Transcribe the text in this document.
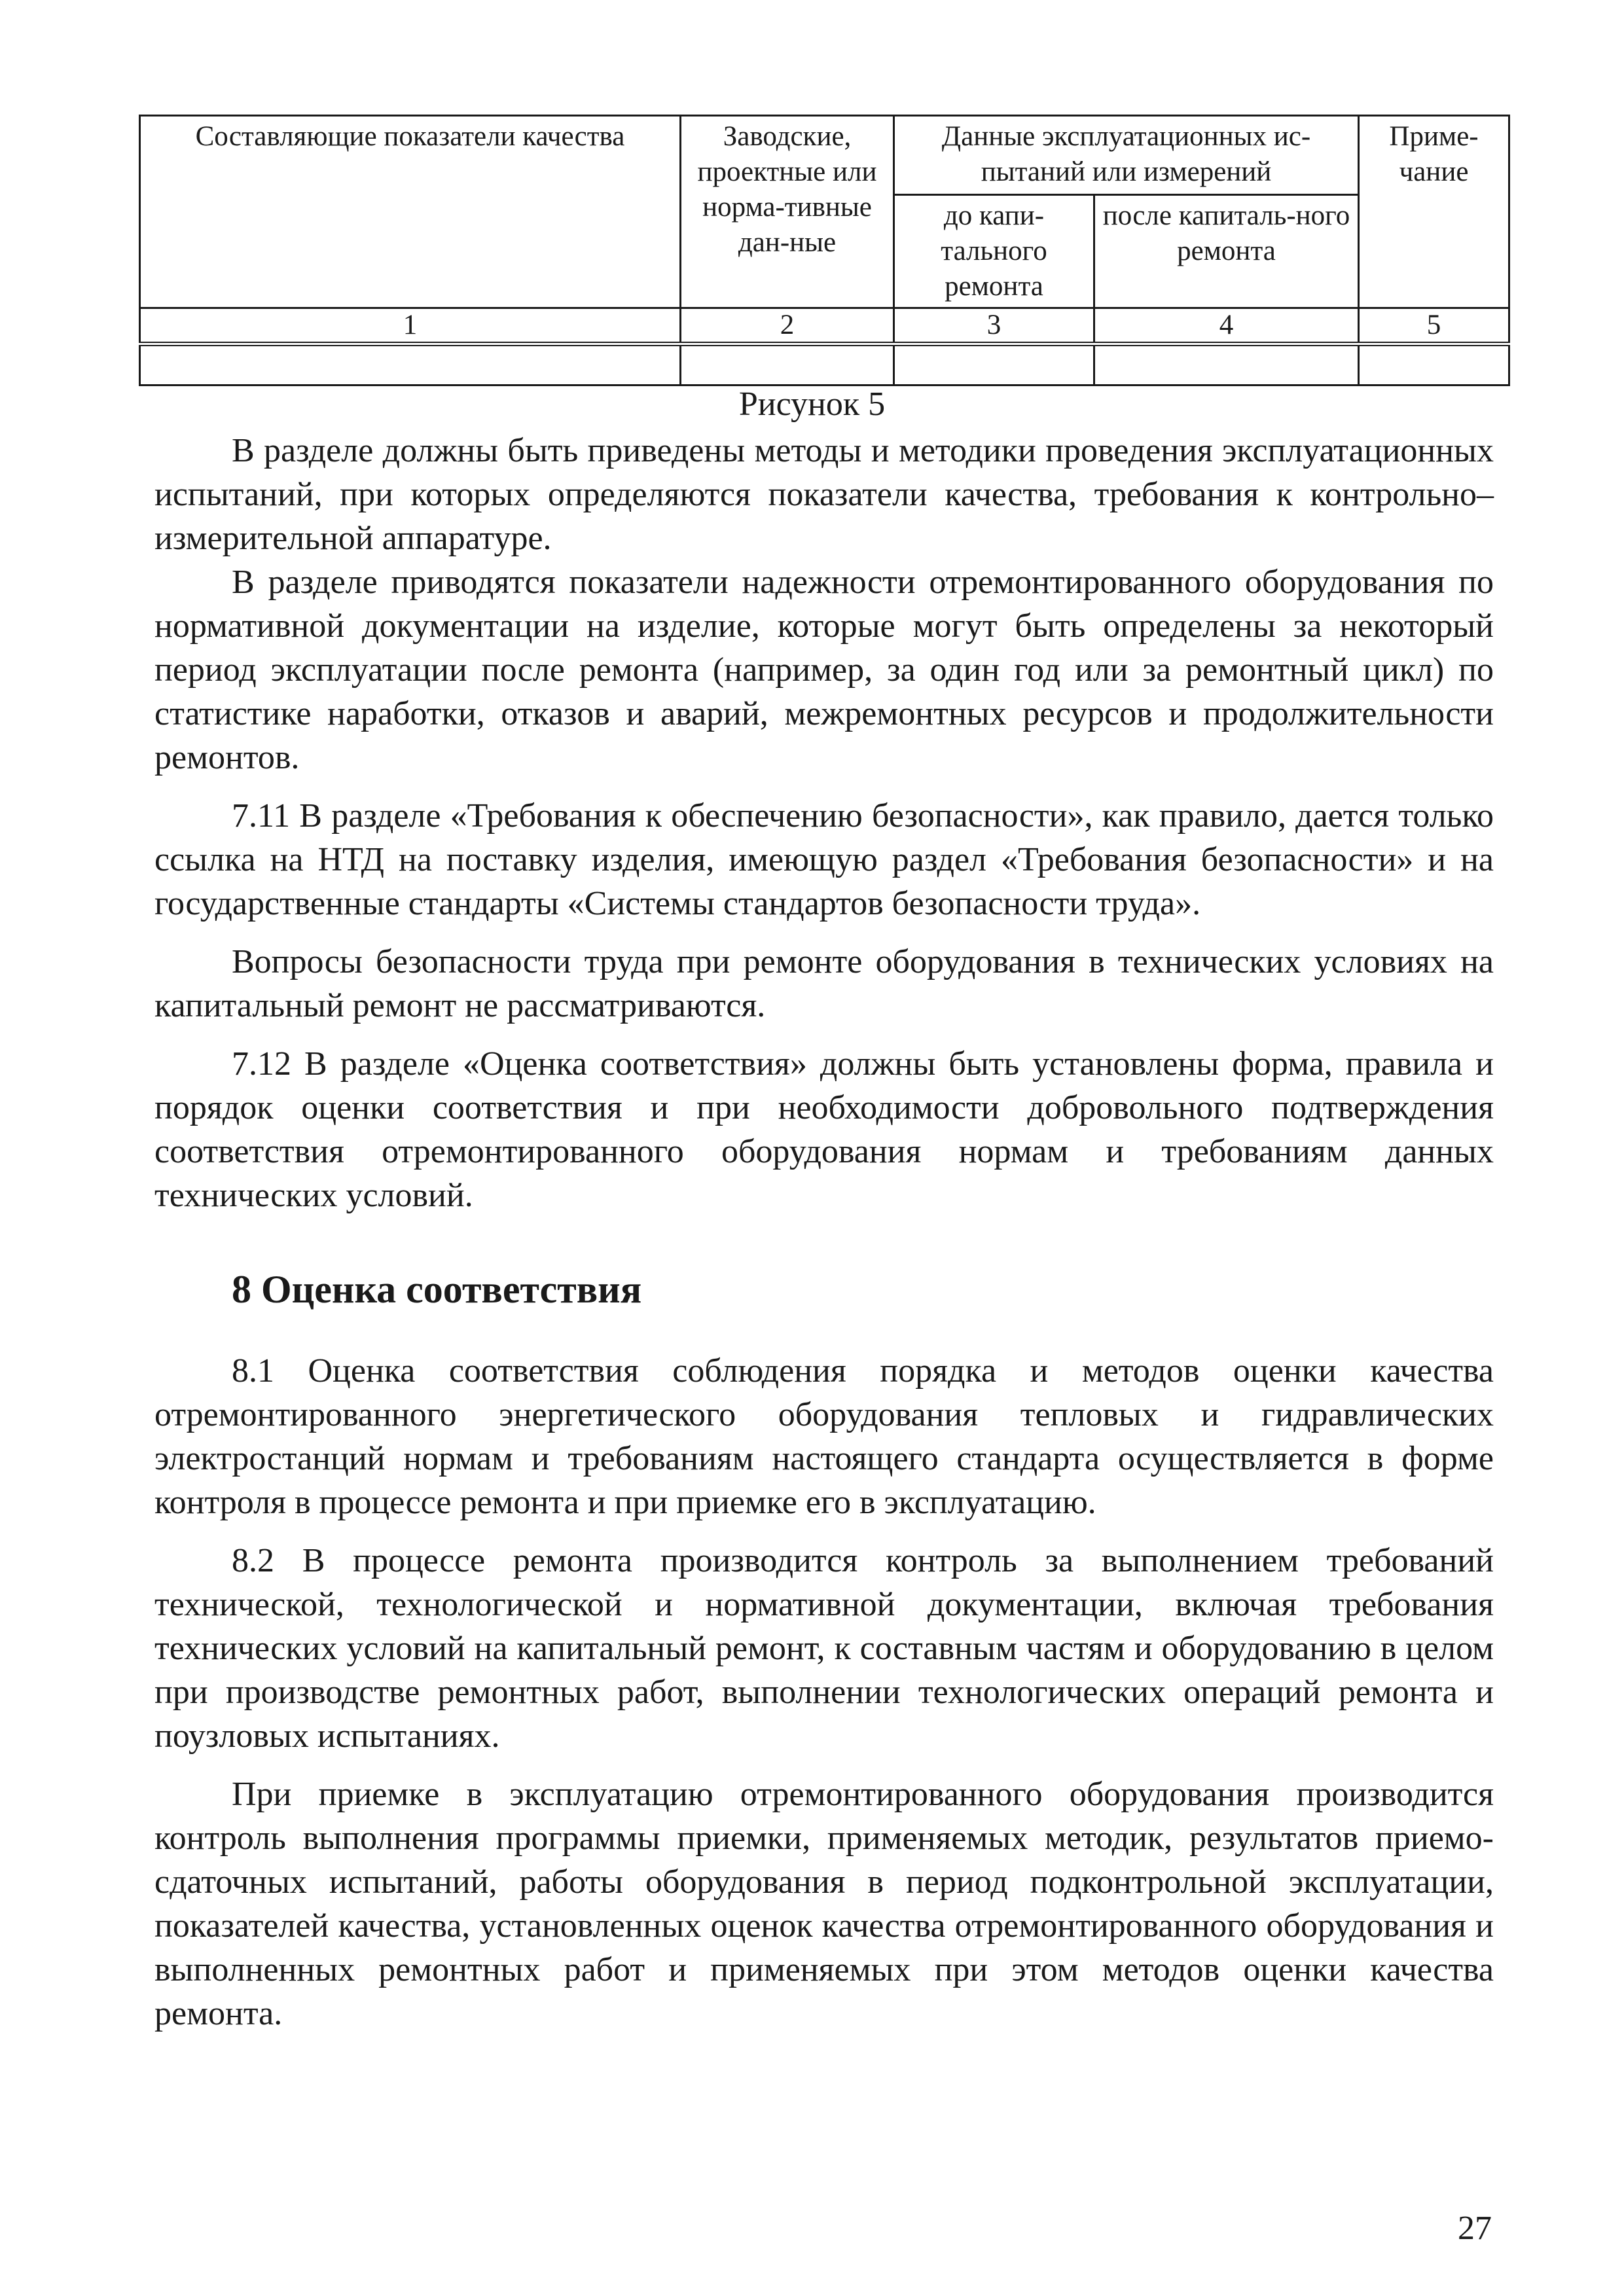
Составляющие показатели качества	Заводские, проектные или норма-тивные дан-ные	Данные эксплуатационных ис-пытаний или измерений		Приме-чание
		до капи-тального ремонта	после капиталь-ного ремонта	
1	2	3	4	5

Рисунок 5

В разделе должны быть приведены методы и методики проведения эксплуатационных испытаний, при которых определяются показатели качества, требования к контрольно–измерительной аппаратуре.

В разделе приводятся показатели надежности отремонтированного оборудования по нормативной документации на изделие, которые могут быть определены за некоторый период эксплуатации после ремонта (например, за один год или за ремонтный цикл) по статистике наработки, отказов и аварий, межремонтных ресурсов и продолжительности ремонтов.

7.11 В разделе «Требования к обеспечению безопасности», как правило, дается только ссылка на НТД на поставку изделия, имеющую раздел «Требования безопасности» и на государственные стандарты «Системы стандартов безопасности труда».

Вопросы безопасности труда при ремонте оборудования в технических условиях на капитальный ремонт не рассматриваются.

7.12 В разделе «Оценка соответствия» должны быть установлены форма, правила и порядок оценки соответствия и при необходимости добровольного подтверждения соответствия отремонтированного оборудования нормам и требованиям данных технических условий.

8 Оценка соответствия

8.1 Оценка соответствия соблюдения порядка и методов оценки качества отремонтированного энергетического оборудования тепловых и гидравлических электростанций нормам и требованиям настоящего стандарта осуществляется в форме контроля в процессе ремонта и при приемке его в эксплуатацию.

8.2 В процессе ремонта производится контроль за выполнением требований технической, технологической и нормативной документации, включая требования технических условий на капитальный ремонт, к составным частям и оборудованию в целом при производстве ремонтных работ, выполнении технологических операций ремонта и поузловых испытаниях.

При приемке в эксплуатацию отремонтированного оборудования производится контроль выполнения программы приемки, применяемых методик, результатов приемо-сдаточных испытаний, работы оборудования в период подконтрольной эксплуатации, показателей качества, установленных оценок качества отремонтированного оборудования и выполненных ремонтных работ и применяемых при этом методов оценки качества ремонта.

27
